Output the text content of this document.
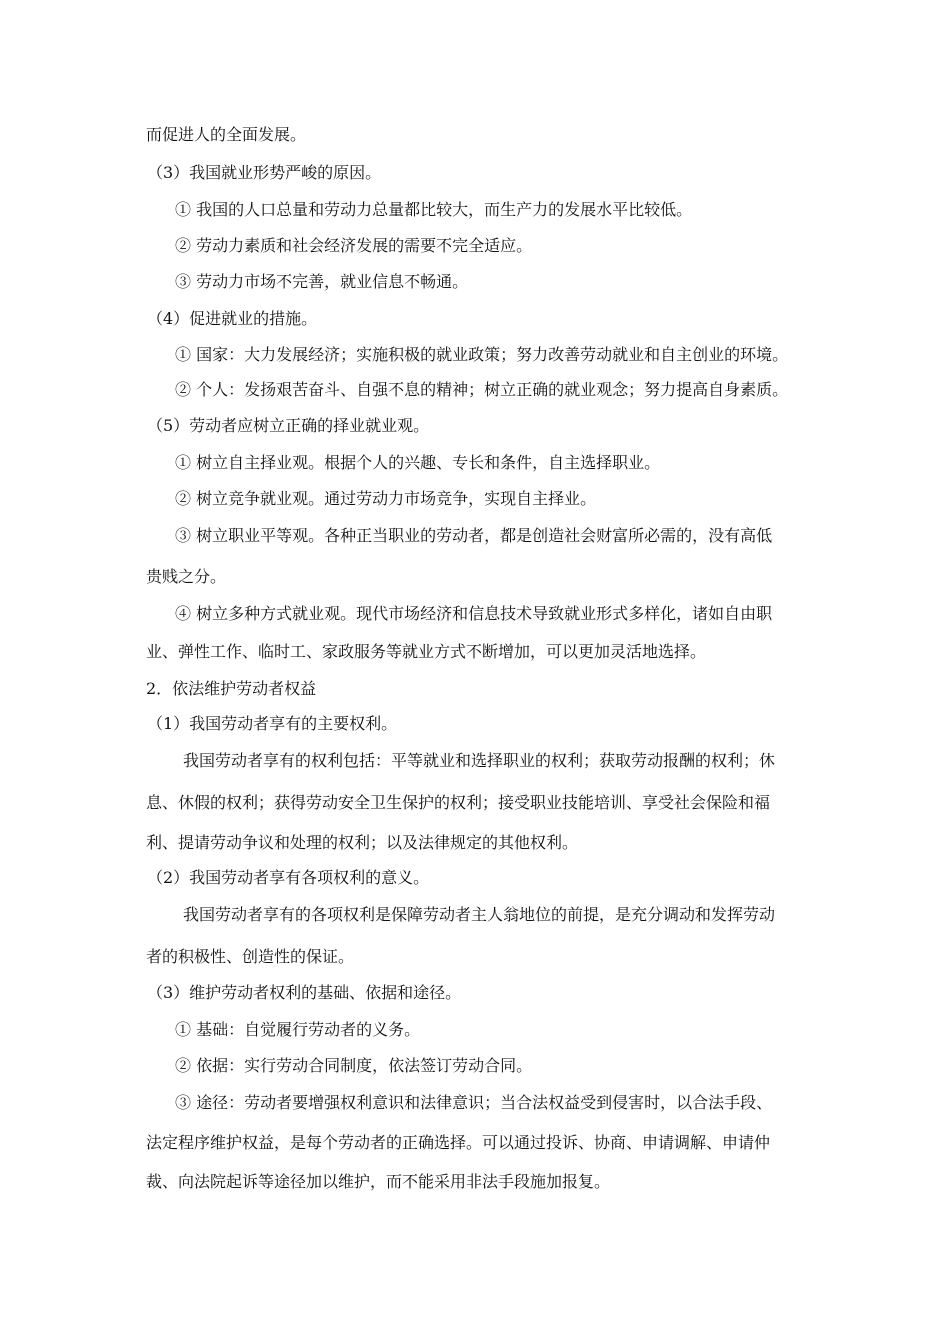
而促进人的全面发展。
（3）我国就业形势严峻的原因。
① 我国的人口总量和劳动力总量都比较大，而生产力的发展水平比较低。
② 劳动力素质和社会经济发展的需要不完全适应。
③ 劳动力市场不完善，就业信息不畅通。
（4）促进就业的措施。
① 国家：大力发展经济；实施积极的就业政策；努力改善劳动就业和自主创业的环境。
② 个人：发扬艰苦奋斗、自强不息的精神；树立正确的就业观念；努力提高自身素质。
（5）劳动者应树立正确的择业就业观。
① 树立自主择业观。根据个人的兴趣、专长和条件，自主选择职业。
② 树立竞争就业观。通过劳动力市场竞争，实现自主择业。
③ 树立职业平等观。各种正当职业的劳动者，都是创造社会财富所必需的，没有高低
贵贱之分。
④ 树立多种方式就业观。现代市场经济和信息技术导致就业形式多样化，诸如自由职
业、弹性工作、临时工、家政服务等就业方式不断增加，可以更加灵活地选择。
2．依法维护劳动者权益
（1）我国劳动者享有的主要权利。
我国劳动者享有的权利包括：平等就业和选择职业的权利；获取劳动报酬的权利；休
息、休假的权利；获得劳动安全卫生保护的权利；接受职业技能培训、享受社会保险和福
利、提请劳动争议和处理的权利；以及法律规定的其他权利。
（2）我国劳动者享有各项权利的意义。
我国劳动者享有的各项权利是保障劳动者主人翁地位的前提，是充分调动和发挥劳动
者的积极性、创造性的保证。
（3）维护劳动者权利的基础、依据和途径。
① 基础：自觉履行劳动者的义务。
② 依据：实行劳动合同制度，依法签订劳动合同。
③ 途径：劳动者要增强权利意识和法律意识；当合法权益受到侵害时，以合法手段、
法定程序维护权益，是每个劳动者的正确选择。可以通过投诉、协商、申请调解、申请仲
裁、向法院起诉等途径加以维护，而不能采用非法手段施加报复。
